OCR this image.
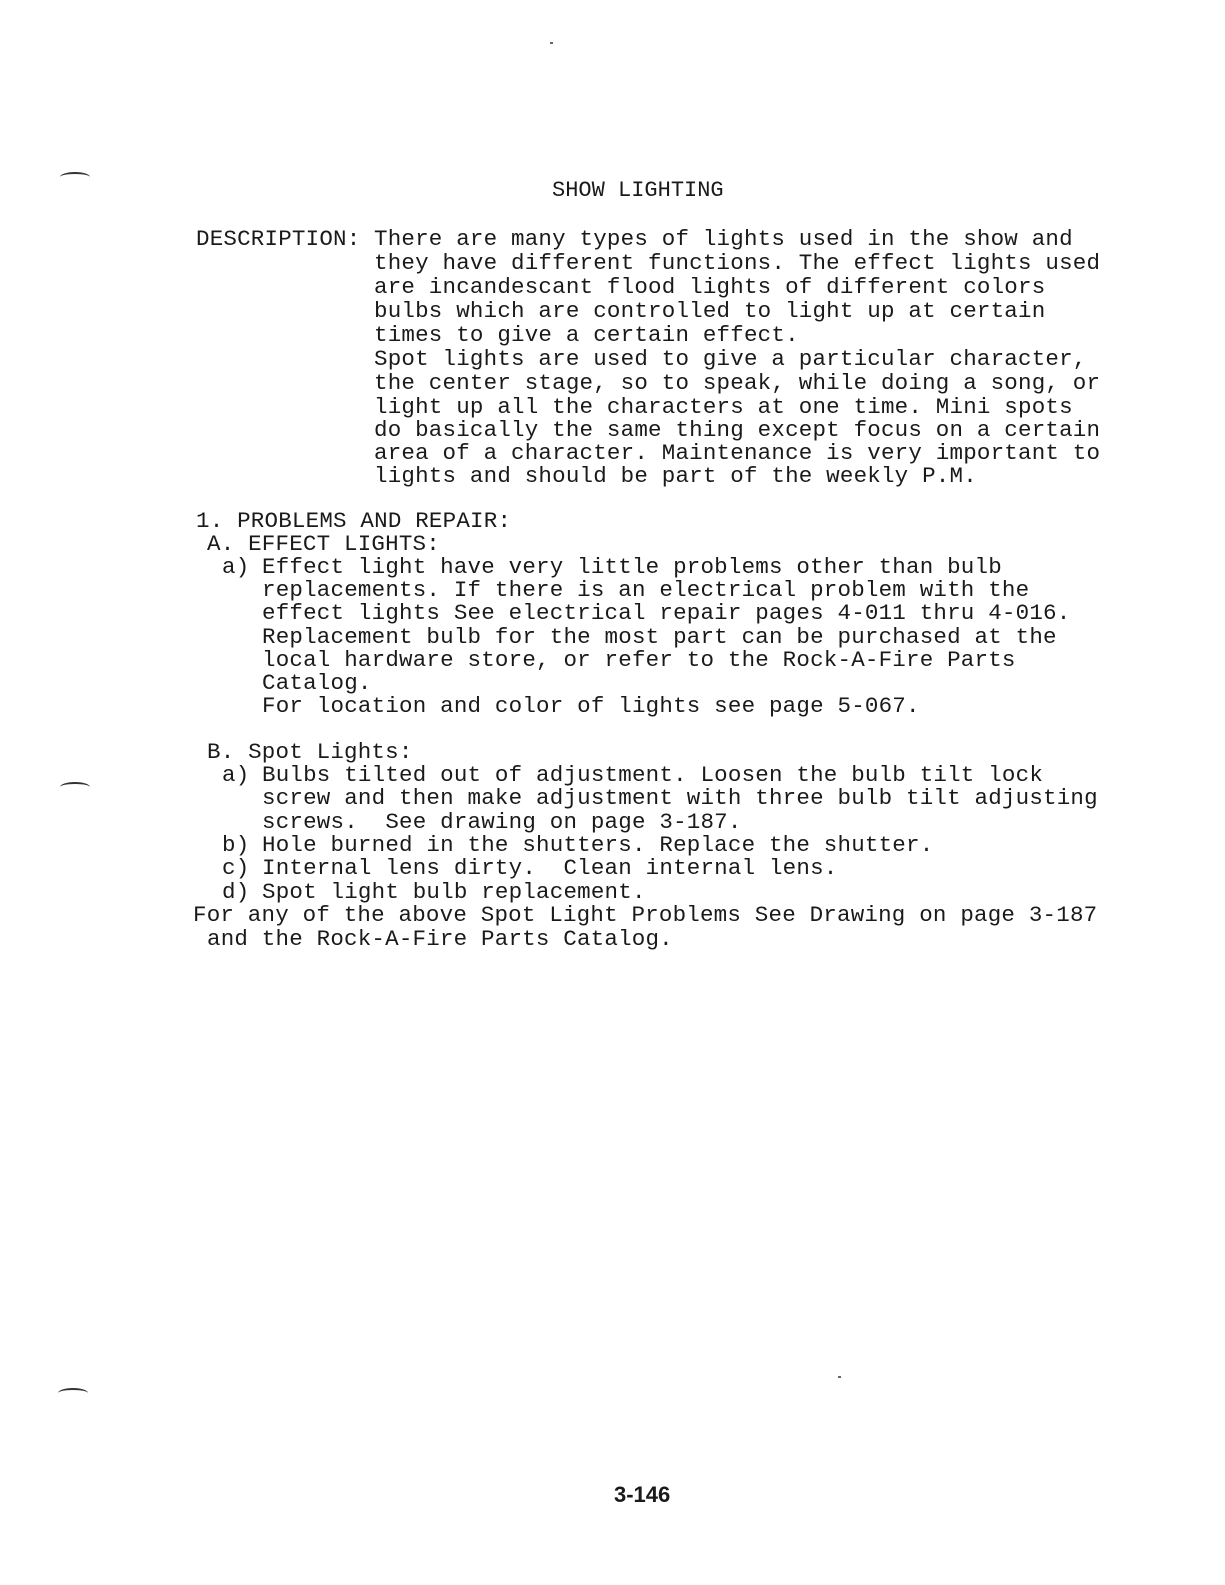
SHOW LIGHTING
DESCRIPTION: There are many types of lights used in the show and
they have different functions. The effect lights used
are incandescant flood lights of different colors
bulbs which are controlled to light up at certain
times to give a certain effect.
Spot lights are used to give a particular character,
the center stage, so to speak, while doing a song, or
light up all the characters at one time. Mini spots
do basically the same thing except focus on a certain
area of a character. Maintenance is very important to
lights and should be part of the weekly P.M.
1. PROBLEMS AND REPAIR:
A. EFFECT LIGHTS:
a) Effect light have very little problems other than bulb
replacements. If there is an electrical problem with the
effect lights See electrical repair pages 4-011 thru 4-016.
Replacement bulb for the most part can be purchased at the
local hardware store, or refer to the Rock-A-Fire Parts
Catalog.
For location and color of lights see page 5-067.
B. Spot Lights:
a) Bulbs tilted out of adjustment. Loosen the bulb tilt lock
screw and then make adjustment with three bulb tilt adjusting
screws.  See drawing on page 3-187.
b) Hole burned in the shutters. Replace the shutter.
c) Internal lens dirty.  Clean internal lens.
d) Spot light bulb replacement.
For any of the above Spot Light Problems See Drawing on page 3-187
and the Rock-A-Fire Parts Catalog.
3-146
